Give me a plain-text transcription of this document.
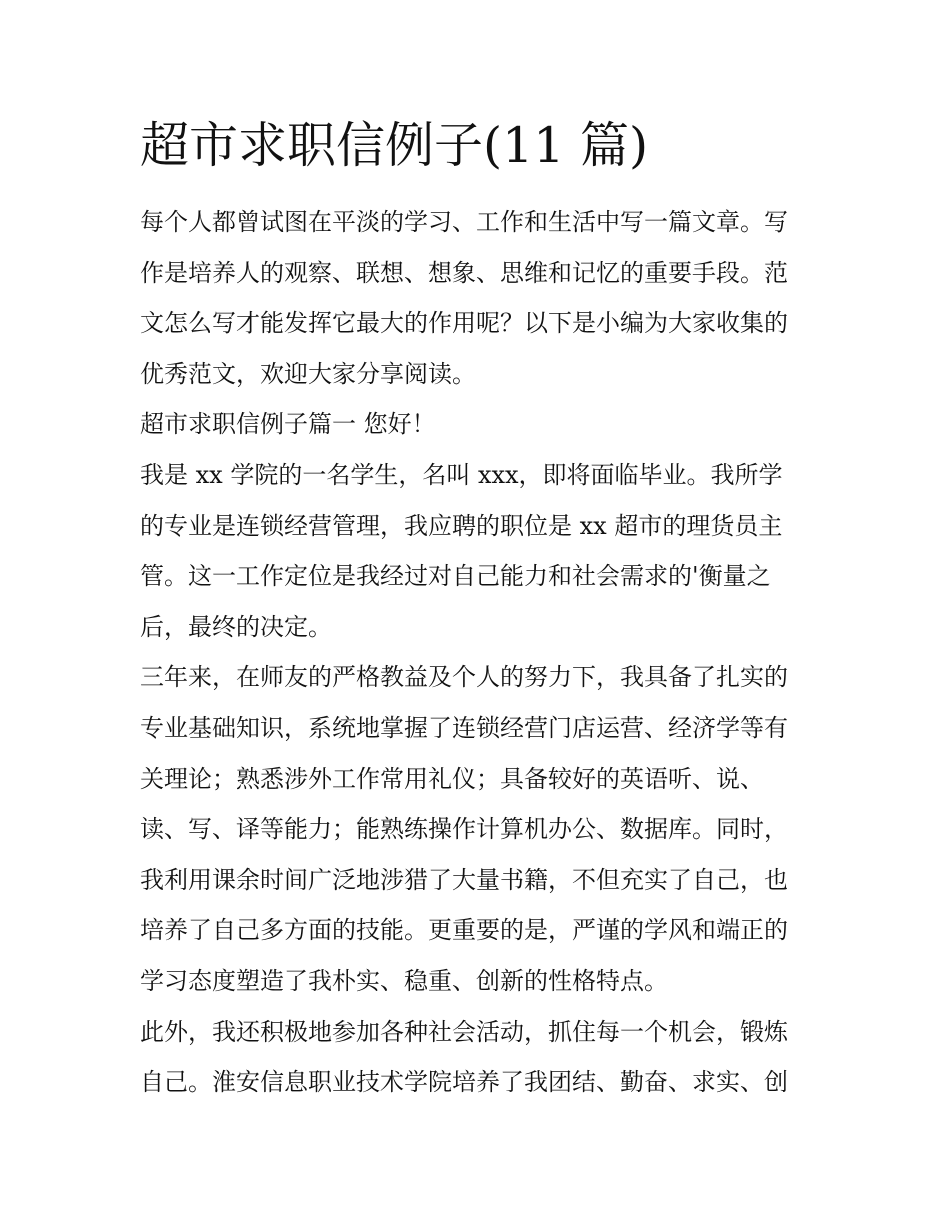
超市求职信例子(11 篇)
每个人都曾试图在平淡的学习、工作和生活中写一篇文章。写
作是培养人的观察、联想、想象、思维和记忆的重要手段。范
文怎么写才能发挥它最大的作用呢？以下是小编为大家收集的
优秀范文，欢迎大家分享阅读。
超市求职信例子篇一 您好！
我是 xx 学院的一名学生，名叫 xxx，即将面临毕业。我所学
的专业是连锁经营管理，我应聘的职位是 xx 超市的理货员主
管。这一工作定位是我经过对自己能力和社会需求的'衡量之
后，最终的决定。
三年来，在师友的严格教益及个人的努力下，我具备了扎实的
专业基础知识，系统地掌握了连锁经营门店运营、经济学等有
关理论；熟悉涉外工作常用礼仪；具备较好的英语听、说、
读、写、译等能力；能熟练操作计算机办公、数据库。同时，
我利用课余时间广泛地涉猎了大量书籍，不但充实了自己，也
培养了自己多方面的技能。更重要的是，严谨的学风和端正的
学习态度塑造了我朴实、稳重、创新的性格特点。
此外，我还积极地参加各种社会活动，抓住每一个机会，锻炼
自己。淮安信息职业技术学院培养了我团结、勤奋、求实、创
